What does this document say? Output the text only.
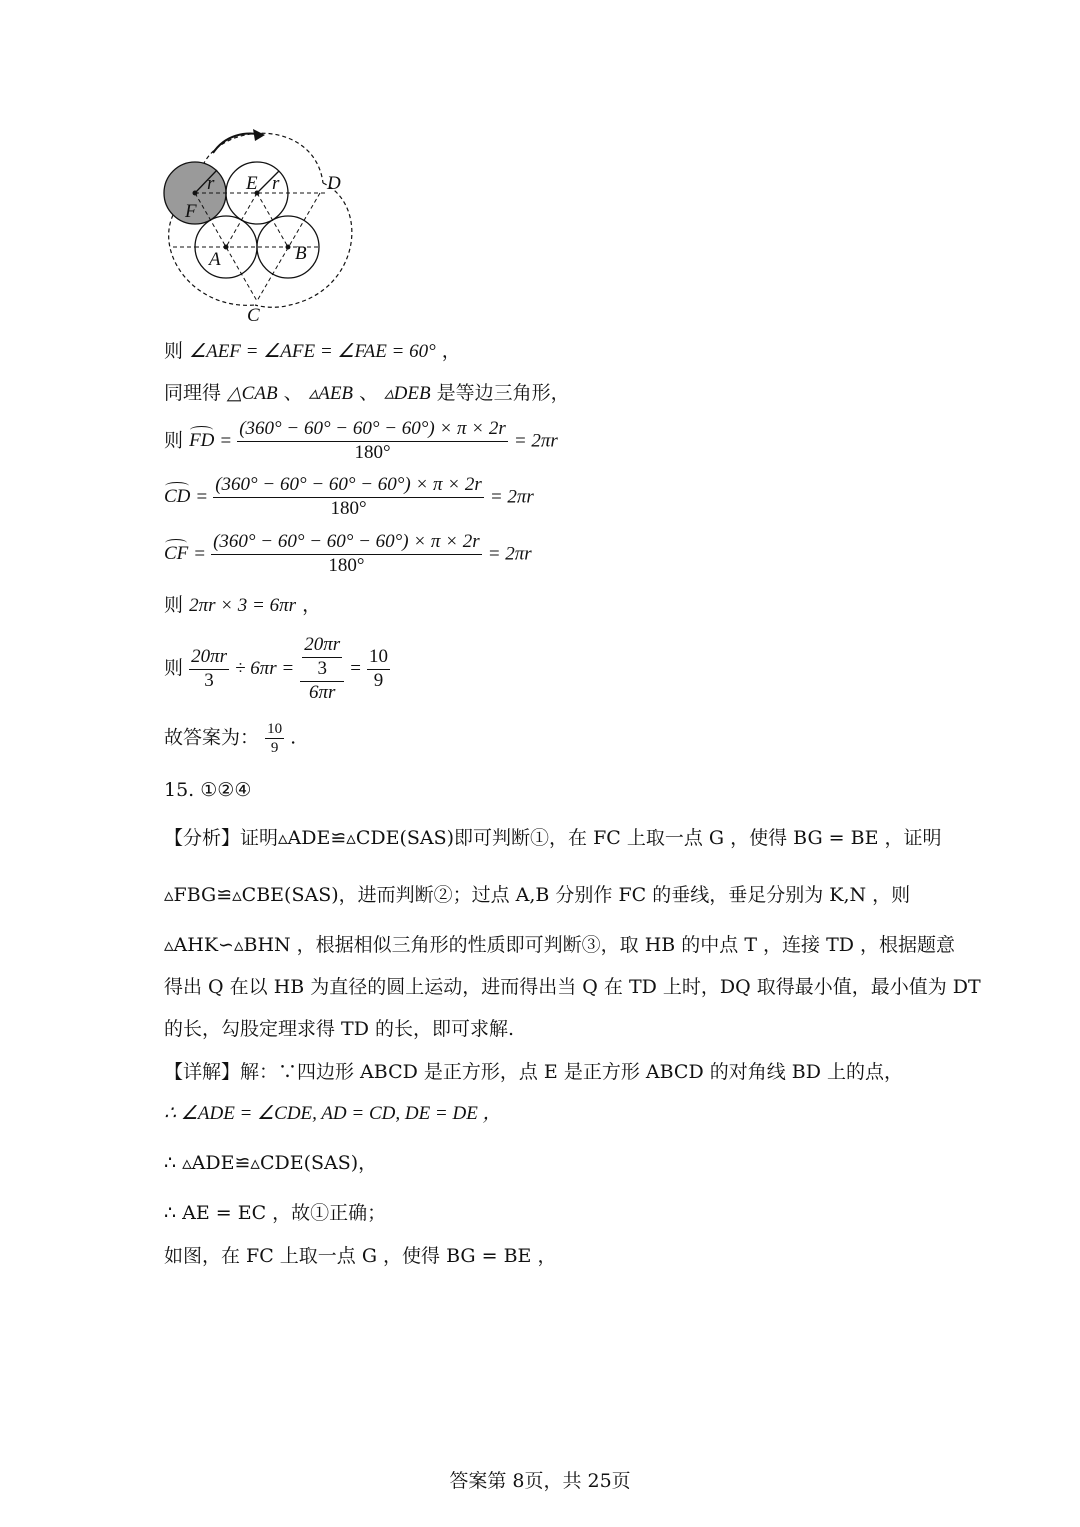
r E r	D
F
A	B
C
则 ∠AEF = ∠AFE = ∠FAE = 60° ，
同理得 △CAB 、 ▵AEB 、 ▵DEB 是等边三角形，
则 FD = $\frac{(360^\circ - 60^\circ - 60^\circ - 60^\circ) \times \pi \times 2r}{180^\circ} = 2\pi r$
CD = $\frac{(360^\circ - 60^\circ - 60^\circ - 60^\circ) \times \pi \times 2r}{180^\circ} = 2\pi r$
CF = $\frac{(360^\circ - 60^\circ - 60^\circ - 60^\circ) \times \pi \times 2r}{180^\circ} = 2\pi r$
则 2πr × 3 = 6πr ，
则 $\frac{20\pi r}{3} \div 6\pi r = \frac{\frac{20\pi r}{3}}{6\pi r} = \frac{10}{9}$
故答案为： $\frac{10}{9}$ .
15. ①②④
【分析】证明▵ADE≌▵CDE(SAS)即可判断①，在 FC 上取一点 G ，使得 BG = BE ，证明
▵FBG≌▵CBE(SAS)，进而判断②；过点 A,B 分别作 FC 的垂线，垂足分别为 K,N ，则
▵AHK∽▵BHN ，根据相似三角形的性质即可判断③，取 HB 的中点 T ，连接 TD ，根据题意
得出 Q 在以 HB 为直径的圆上运动，进而得出当 Q 在 TD 上时，DQ 取得最小值，最小值为 DT
的长，勾股定理求得 TD 的长，即可求解.
【详解】解：∵四边形 ABCD 是正方形，点 E 是正方形 ABCD 的对角线 BD 上的点，
∴ ∠ADE = ∠CDE, AD = CD, DE = DE ，
∴ ▵ADE≌▵CDE(SAS)，
∴ AE = EC ，故①正确；
如图，在 FC 上取一点 G ，使得 BG = BE ，
答案第 8页，共 25页
